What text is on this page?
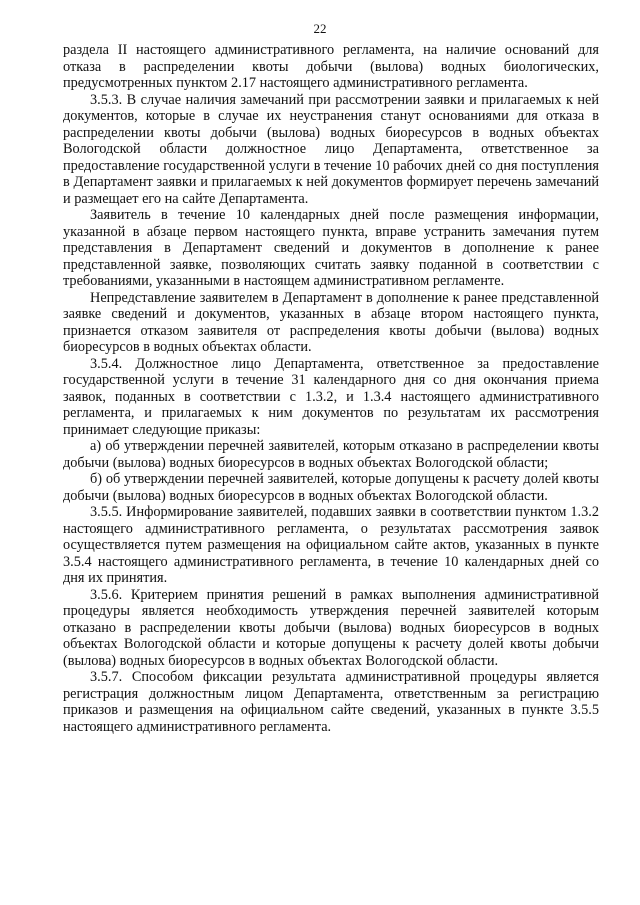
22

раздела II настоящего административного регламента, на наличие оснований для отказа в распределении квоты добычи (вылова) водных биологических, предусмотренных пунктом 2.17 настоящего административного регламента.

3.5.3. В случае наличия замечаний при рассмотрении заявки и прилагаемых к ней документов, которые в случае их неустранения станут основаниями для отказа в распределении квоты добычи (вылова) водных биоресурсов в водных объектах Вологодской области должностное лицо Департамента, ответственное за предоставление государственной услуги в течение 10 рабочих дней со дня поступления в Департамент заявки и прилагаемых к ней документов формирует перечень замечаний и размещает его на сайте Департамента.

Заявитель в течение 10 календарных дней после размещения информации, указанной в абзаце первом настоящего пункта, вправе устранить замечания путем представления в Департамент сведений и документов в дополнение к ранее представленной заявке, позволяющих считать заявку поданной в соответствии с требованиями, указанными в настоящем административном регламенте.

Непредставление заявителем в Департамент в дополнение к ранее представленной заявке сведений и документов, указанных в абзаце втором настоящего пункта, признается отказом заявителя от распределения квоты добычи (вылова) водных биоресурсов в водных объектах области.

3.5.4. Должностное лицо Департамента, ответственное за предоставление государственной услуги в течение 31 календарного дня со дня окончания приема заявок, поданных в соответствии с 1.3.2, и 1.3.4 настоящего административного регламента, и прилагаемых к ним документов по результатам их рассмотрения принимает следующие приказы:

а) об утверждении перечней заявителей, которым отказано в распределении квоты добычи (вылова) водных биоресурсов в водных объектах Вологодской области;

б) об утверждении перечней заявителей, которые допущены к расчету долей квоты добычи (вылова) водных биоресурсов в водных объектах Вологодской области.

3.5.5. Информирование заявителей, подавших заявки в соответствии пунктом 1.3.2 настоящего административного регламента, о результатах рассмотрения заявок осуществляется путем размещения на официальном сайте актов, указанных в пункте 3.5.4 настоящего административного регламента, в течение 10 календарных дней со дня их принятия.

3.5.6. Критерием принятия решений в рамках выполнения административной процедуры является необходимость утверждения перечней заявителей которым отказано в распределении квоты добычи (вылова) водных биоресурсов в водных объектах Вологодской области и которые допущены к расчету долей квоты добычи (вылова) водных биоресурсов в водных объектах Вологодской области.

3.5.7. Способом фиксации результата административной процедуры является регистрация должностным лицом Департамента, ответственным за регистрацию приказов и размещения на официальном сайте сведений, указанных в пункте 3.5.5 настоящего административного регламента.
